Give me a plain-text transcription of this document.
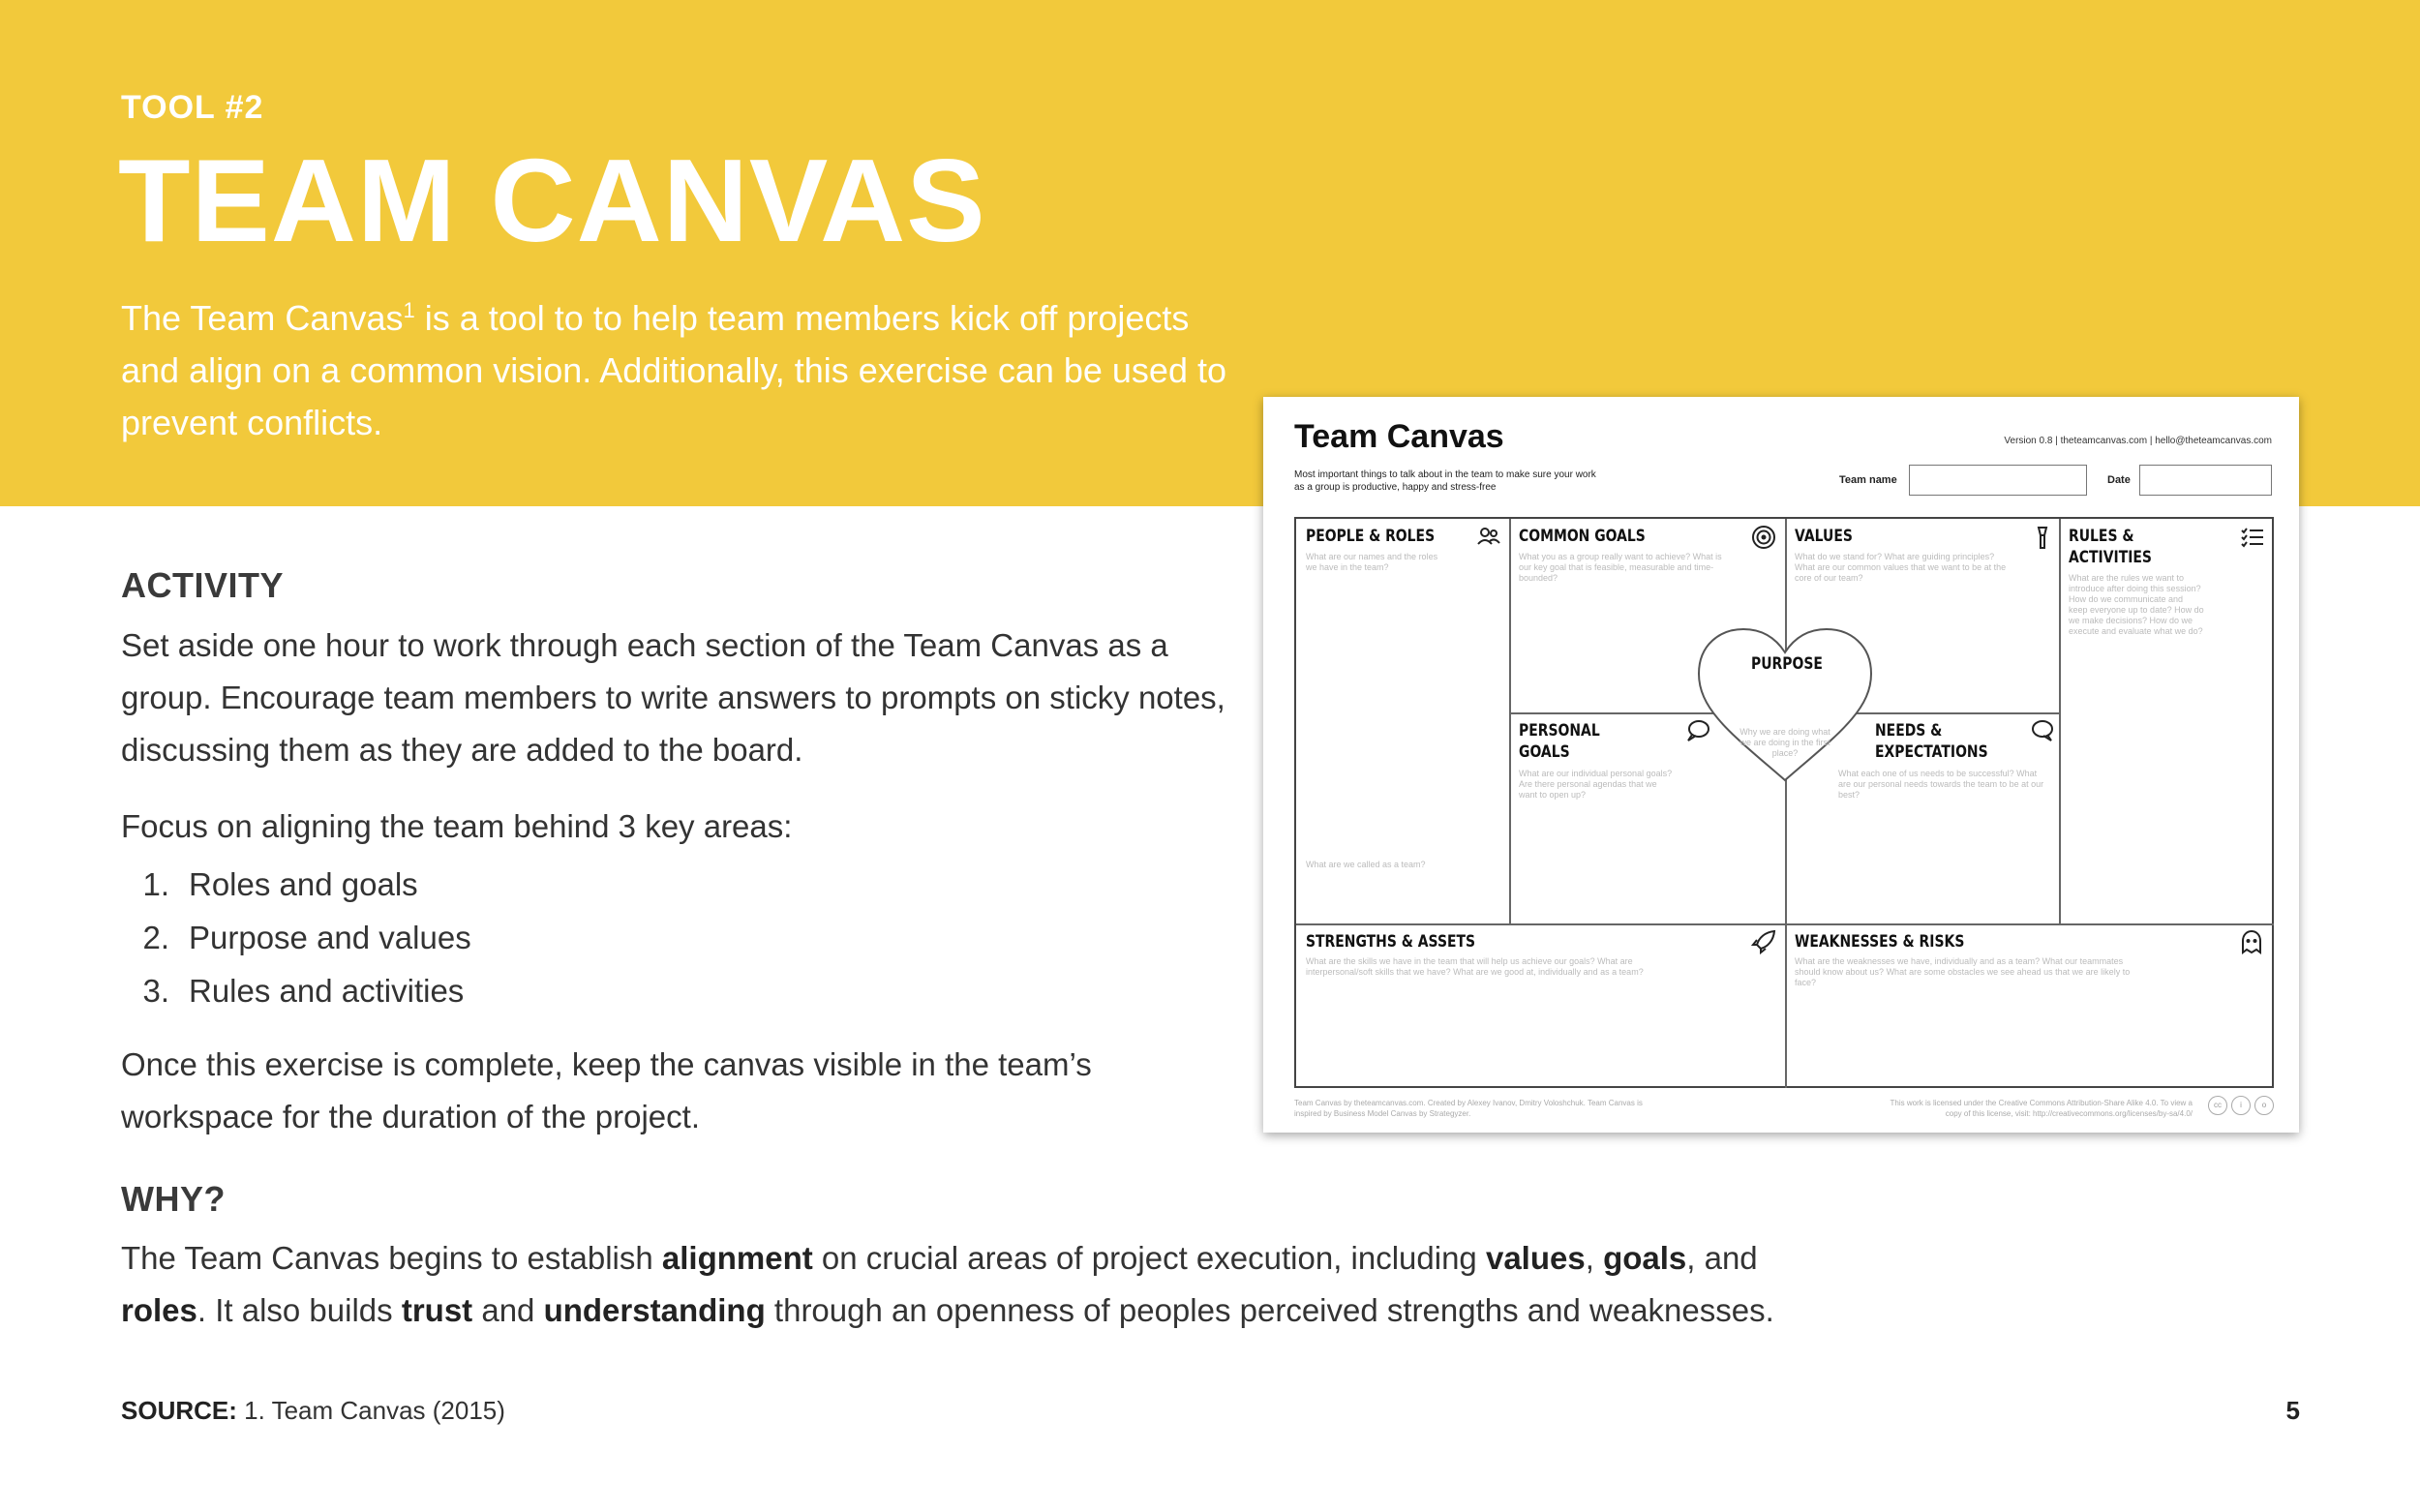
TOOL #2
TEAM CANVAS
The Team Canvas$^1$ is a tool to to help team members kick off projects and align on a common vision. Additionally, this exercise can be used to prevent conflicts.
ACTIVITY
Set aside one hour to work through each section of the Team Canvas as a group. Encourage team members to write answers to prompts on sticky notes, discussing them as they are added to the board.
Focus on aligning the team behind 3 key areas:
1. Roles and goals
2. Purpose and values
3. Rules and activities
Once this exercise is complete, keep the canvas visible in the team’s workspace for the duration of the project.
WHY?
The Team Canvas begins to establish alignment on crucial areas of project execution, including values, goals, and
roles. It also builds trust and understanding through an openness of peoples perceived strengths and weaknesses.
SOURCE: 1. Team Canvas (2015)	5
Team Canvas
Most important things to talk about in the team to make sure your work as a group is productive, happy and stress-free
Version 0.8 | theteamcanvas.com | hello@theteamcanvas.com
Team name	Date
PEOPLE & ROLES
What are our names and the roles we have in the team?
What are we called as a team?
COMMON GOALS
What you as a group really want to achieve? What is our key goal that is feasible, measurable and time-bounded?
VALUES
What do we stand for? What are guiding principles? What are our common values that we want to be at the core of our team?
RULES &
ACTIVITIES
What are the rules we want to introduce after doing this session? How do we communicate and keep everyone up to date? How do we make decisions? How do we execute and evaluate what we do?
PERSONAL
GOALS
What are our individual personal goals? Are there personal agendas that we want to open up?
NEEDS &
EXPECTATIONS
What each one of us needs to be successful? What are our personal needs towards the team to be at our best?
PURPOSE
Why we are doing what we are doing in the first place?
STRENGTHS & ASSETS
What are the skills we have in the team that will help us achieve our goals? What are interpersonal/soft skills that we have? What are we good at, individually and as a team?
WEAKNESSES & RISKS
What are the weaknesses we have, individually and as a team? What our teammates should know about us? What are some obstacles we see ahead us that we are likely to face?
Team Canvas by theteamcanvas.com. Created by Alexey Ivanov, Dmitry Voloshchuk. Team Canvas is inspired by Business Model Canvas by Strategyzer.
This work is licensed under the Creative Commons Attribution-Share Alike 4.0. To view a copy of this license, visit: http://creativecommons.org/licenses/by-sa/4.0/
cc	i	o
